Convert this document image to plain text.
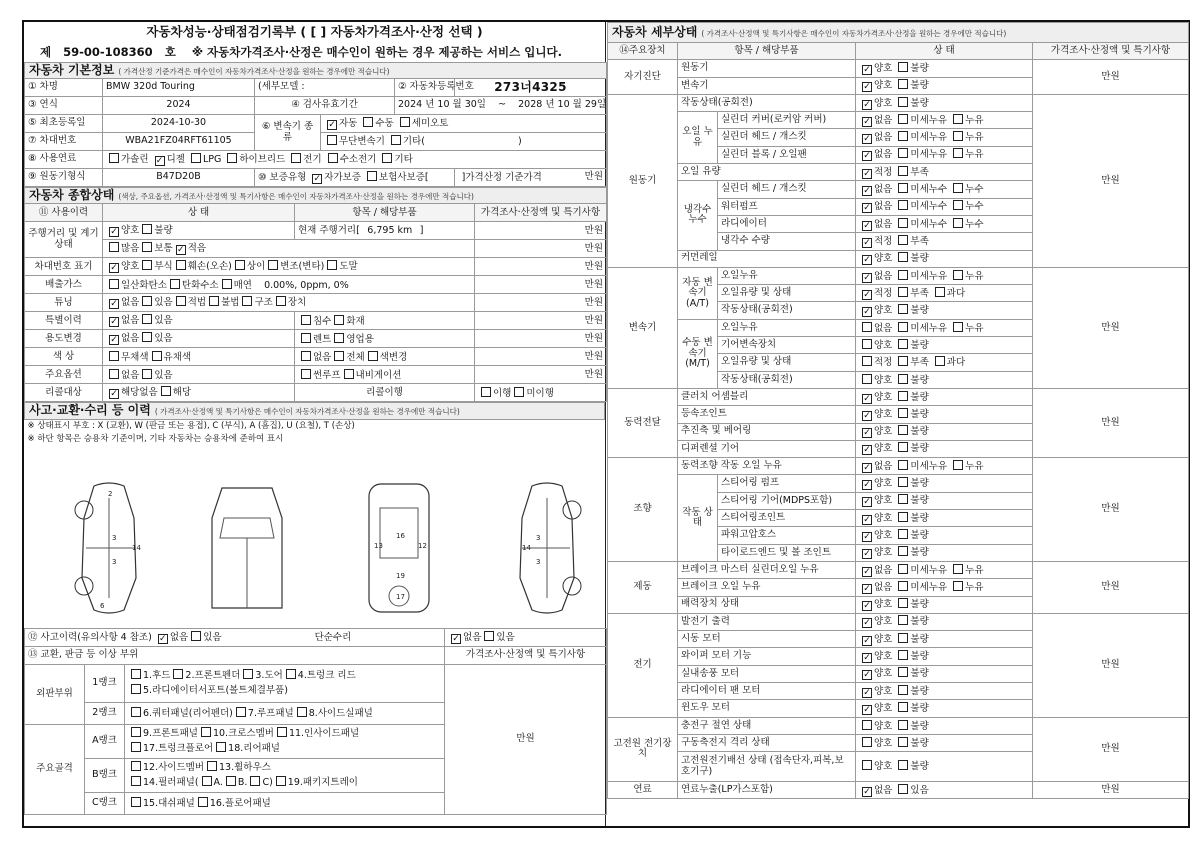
자동차성능·상태점검기록부 ( [ ] 자동차가격조사·산정 선택 )
제 59-00-108360 호 ※ 자동차가격조사·산정은 매수인이 원하는 경우 제공하는 서비스 입니다.
자동차 기본정보 ( 가격산정 기준가격은 매수인이 자동차가격조사·산정을 원하는 경우에만 적습니다)					
① 차명	BMW 320d Touring	(세부모델 :		② 자동차등록번호	273너4325
③ 연식	2024	④ 검사유효기간		2024 년 10 월 30일 ~ 2028 년 10 월 29일	
⑤ 최초등록일	2024-10-30	⑥ 변속기 종류	✓ 자동 수동 세미오토		
⑦ 차대번호	WBA21FZ04RFT61105		무단변속기 기타( )		
⑧ 사용연료	가솔린 ✓ 디젤 LPG 하이브리드 전기 수소전기 기타				
⑨ 원동기형식	B47D20B	⑩ 보증유형 ✓ 자가보증 보험사보증[ ]가격산정 기준가격			만원
자동차 종합상태 (색상, 주요옵션, 가격조사·산정액 및 특기사항은 매수인이 자동차가격조사·산정을 원하는 경우에만 적습니다)			
⑪ 사용이력	상 태	항목 / 해당부품	가격조사·산정액 및 특기사항
주행거리 및 계기상태	✓ 양호 불량	현재 주행거리[ 6,795 km ]	만원
	많음 보통 ✓ 적음		만원
차대번호 표기	✓ 양호 부식 훼손(오손) 상이 변조(변타) 도말		만원
배출가스	일산화탄소 탄화수소 매연 0.00%, 0ppm, 0%		만원
튜닝	✓ 없음 있음 적법 불법 구조 장치		만원
특별이력	✓ 없음 있음	침수 화재	만원
용도변경	✓ 없음 있음	렌트 영업용	만원
색 상	무채색 유채색	없음 전체 색변경	만원
주요옵션	없음 있음	썬루프 내비게이션	만원
리콜대상	✓ 해당없음 해당	리콜이행	이행 미이행
사고·교환·수리 등 이력 ( 가격조사·산정액 및 특기사항은 매수인이 자동차가격조사·산정을 원하는 경우에만 적습니다)
※ 상태표시 부호 : X (교환), W (판금 또는 용접), C (부식), A (흠집), U (요철), T (손상)
※ 하단 항목은 승용차 기준이며, 기타 자동차는 승용차에 준하여 표시
2
3
3
6
14
16
19
17
13	12
3
3
14
⑫ 사고이력(유의사항 4 참조) ✓ 없음 있음 단순수리			✓ 없음 있음
⑬ 교환, 판금 등 이상 부위			가격조사·산정액 및 특기사항
외판부위	1랭크	1.후드 2.프론트펜더 3.도어 4.트렁크 리드
5.라디에이터서포트(볼트체결부품)	만원
	2랭크	6.쿼터패널(리어펜더) 7.루프패널 8.사이드실패널	
주요골격	A랭크	9.프론트패널 10.크로스멤버 11.인사이드패널
17.트렁크플로어 18.리어패널	
	B랭크	12.사이드멤버 13.휠하우스
14.필러패널( A. B. C) 19.패키지트레이	
	C랭크	15.대쉬패널 16.플로어패널	
자동차 세부상태 ( 가격조사·산정액 및 특기사항은 매수인이 자동차가격조사·산정을 원하는 경우에만 적습니다)				
⑭주요장치	항목 / 해당부품		상 태	가격조사·산정액 및 특기사항
자기진단	원동기		✓ 양호 불량	만원
	변속기		✓ 양호 불량	
원동기	작동상태(공회전)		✓ 양호 불량	만원
	오일 누유	실린더 커버(로커암 커버)	✓ 없음 미세누유 누유	
		실린더 헤드 / 개스킷	✓ 없음 미세누유 누유	
		실린더 블록 / 오일팬	✓ 없음 미세누유 누유	
	오일 유량		✓ 적정 부족	
	냉각수 누수	실린더 헤드 / 개스킷	✓ 없음 미세누수 누수	
		워터펌프	✓ 없음 미세누수 누수	
		라디에이터	✓ 없음 미세누수 누수	
		냉각수 수량	✓ 적정 부족	
	커먼레일		✓ 양호 불량	
변속기	자동 변속기 (A/T)	오일누유	✓ 없음 미세누유 누유	만원
		오일유량 및 상태	✓ 적정 부족 과다	
		작동상태(공회전)	✓ 양호 불량	
	수동 변속기 (M/T)	오일누유	없음 미세누유 누유	
		기어변속장치	양호 불량	
		오일유량 및 상태	적정 부족 과다	
		작동상태(공회전)	양호 불량	
동력전달	클러치 어셈블리		✓ 양호 불량	만원
	등속조인트		✓ 양호 불량	
	추진축 및 베어링		✓ 양호 불량	
	디퍼렌셜 기어		✓ 양호 불량	
조향	동력조향 작동 오일 누유		✓ 없음 미세누유 누유	만원
	작동 상태	스티어링 펌프	✓ 양호 불량	
		스티어링 기어(MDPS포함)	✓ 양호 불량	
		스티어링조인트	✓ 양호 불량	
		파워고압호스	✓ 양호 불량	
		타이로드엔드 및 볼 조인트	✓ 양호 불량	
제동	브레이크 마스터 실린더오일 누유		✓ 없음 미세누유 누유	만원
	브레이크 오일 누유		✓ 없음 미세누유 누유	
	배력장치 상태		✓ 양호 불량	
전기	발전기 출력		✓ 양호 불량	만원
	시동 모터		✓ 양호 불량	
	와이퍼 모터 기능		✓ 양호 불량	
	실내송풍 모터		✓ 양호 불량	
	라디에이터 팬 모터		✓ 양호 불량	
	윈도우 모터		✓ 양호 불량	
고전원 전기장치	충전구 절연 상태		양호 불량	만원
	구동축전지 격리 상태		양호 불량	
	고전원전기배선 상태 (접속단자,피복,보호기구)		양호 불량	
연료	연료누출(LP가스포함)		✓ 없음 있음	만원
